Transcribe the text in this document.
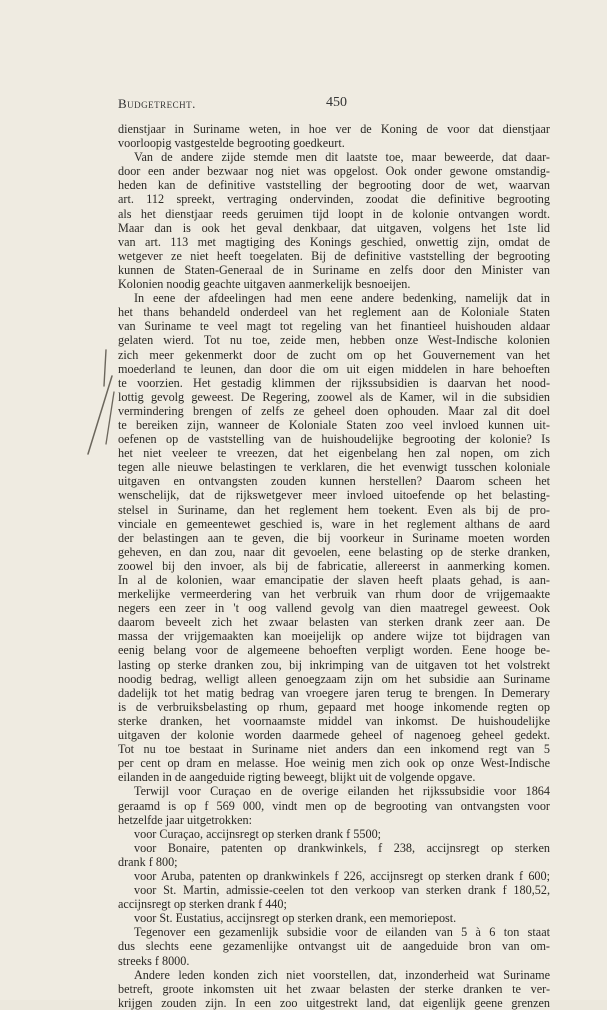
Budgetrecht.	450
dienstjaar in Suriname weten, in hoe ver de Koning de voor dat dienstjaar
voorloopig vastgestelde begrooting goedkeurt.
Van de andere zijde stemde men dit laatste toe, maar beweerde, dat daar-
door een ander bezwaar nog niet was opgelost. Ook onder gewone omstandig-
heden kan de definitive vaststelling der begrooting door de wet, waarvan
art. 112 spreekt, vertraging ondervinden, zoodat die definitive begrooting
als het dienstjaar reeds geruimen tijd loopt in de kolonie ontvangen wordt.
Maar dan is ook het geval denkbaar, dat uitgaven, volgens het 1ste lid
van art. 113 met magtiging des Konings geschied, onwettig zijn, omdat de
wetgever ze niet heeft toegelaten. Bij de definitive vaststelling der begrooting
kunnen de Staten-Generaal de in Suriname en zelfs door den Minister van
Kolonien noodig geachte uitgaven aanmerkelijk besnoeijen.
In eene der afdeelingen had men eene andere bedenking, namelijk dat in
het thans behandeld onderdeel van het reglement aan de Koloniale Staten
van Suriname te veel magt tot regeling van het finantieel huishouden aldaar
gelaten wierd. Tot nu toe, zeide men, hebben onze West-Indische kolonien
zich meer gekenmerkt door de zucht om op het Gouvernement van het
moederland te leunen, dan door die om uit eigen middelen in hare behoeften
te voorzien. Het gestadig klimmen der rijkssubsidien is daarvan het nood-
lottig gevolg geweest. De Regering, zoowel als de Kamer, wil in die subsidien
vermindering brengen of zelfs ze geheel doen ophouden. Maar zal dit doel
te bereiken zijn, wanneer de Koloniale Staten zoo veel invloed kunnen uit-
oefenen op de vaststelling van de huishoudelijke begrooting der kolonie? Is
het niet veeleer te vreezen, dat het eigenbelang hen zal nopen, om zich
tegen alle nieuwe belastingen te verklaren, die het evenwigt tusschen koloniale
uitgaven en ontvangsten zouden kunnen herstellen? Daarom scheen het
wenschelijk, dat de rijkswetgever meer invloed uitoefende op het belasting-
stelsel in Suriname, dan het reglement hem toekent. Even als bij de pro-
vinciale en gemeentewet geschied is, ware in het reglement althans de aard
der belastingen aan te geven, die bij voorkeur in Suriname moeten worden
geheven, en dan zou, naar dit gevoelen, eene belasting op de sterke dranken,
zoowel bij den invoer, als bij de fabricatie, allereerst in aanmerking komen.
In al de kolonien, waar emancipatie der slaven heeft plaats gehad, is aan-
merkelijke vermeerdering van het verbruik van rhum door de vrijgemaakte
negers een zeer in 't oog vallend gevolg van dien maatregel geweest. Ook
daarom beveelt zich het zwaar belasten van sterken drank zeer aan. De
massa der vrijgemaakten kan moeijelijk op andere wijze tot bijdragen van
eenig belang voor de algemeene behoeften verpligt worden. Eene hooge be-
lasting op sterke dranken zou, bij inkrimping van de uitgaven tot het volstrekt
noodig bedrag, welligt alleen genoegzaam zijn om het subsidie aan Suriname
dadelijk tot het matig bedrag van vroegere jaren terug te brengen. In Demerary
is de verbruiksbelasting op rhum, gepaard met hooge inkomende regten op
sterke dranken, het voornaamste middel van inkomst. De huishoudelijke
uitgaven der kolonie worden daarmede geheel of nagenoeg geheel gedekt.
Tot nu toe bestaat in Suriname niet anders dan een inkomend regt van 5
per cent op dram en melasse. Hoe weinig men zich ook op onze West-Indische
eilanden in de aangeduide rigting beweegt, blijkt uit de volgende opgave.
Terwijl voor Curaçao en de overige eilanden het rijkssubsidie voor 1864
geraamd is op f 569 000, vindt men op de begrooting van ontvangsten voor
hetzelfde jaar uitgetrokken:
voor Curaçao, accijnsregt op sterken drank f 5500;
voor Bonaire, patenten op drankwinkels, f 238, accijnsregt op sterken
drank f 800;
voor Aruba, patenten op drankwinkels f 226, accijnsregt op sterken drank f 600;
voor St. Martin, admissie-ceelen tot den verkoop van sterken drank f 180,52,
accijnsregt op sterken drank f 440;
voor St. Eustatius, accijnsregt op sterken drank, een memoriepost.
Tegenover een gezamenlijk subsidie voor de eilanden van 5 à 6 ton staat
dus slechts eene gezamenlijke ontvangst uit de aangeduide bron van om-
streeks f 8000.
Andere leden konden zich niet voorstellen, dat, inzonderheid wat Suriname
betreft, groote inkomsten uit het zwaar belasten der sterke dranken te ver-
krijgen zouden zijn. In een zoo uitgestrekt land, dat eigenlijk geene grenzen
